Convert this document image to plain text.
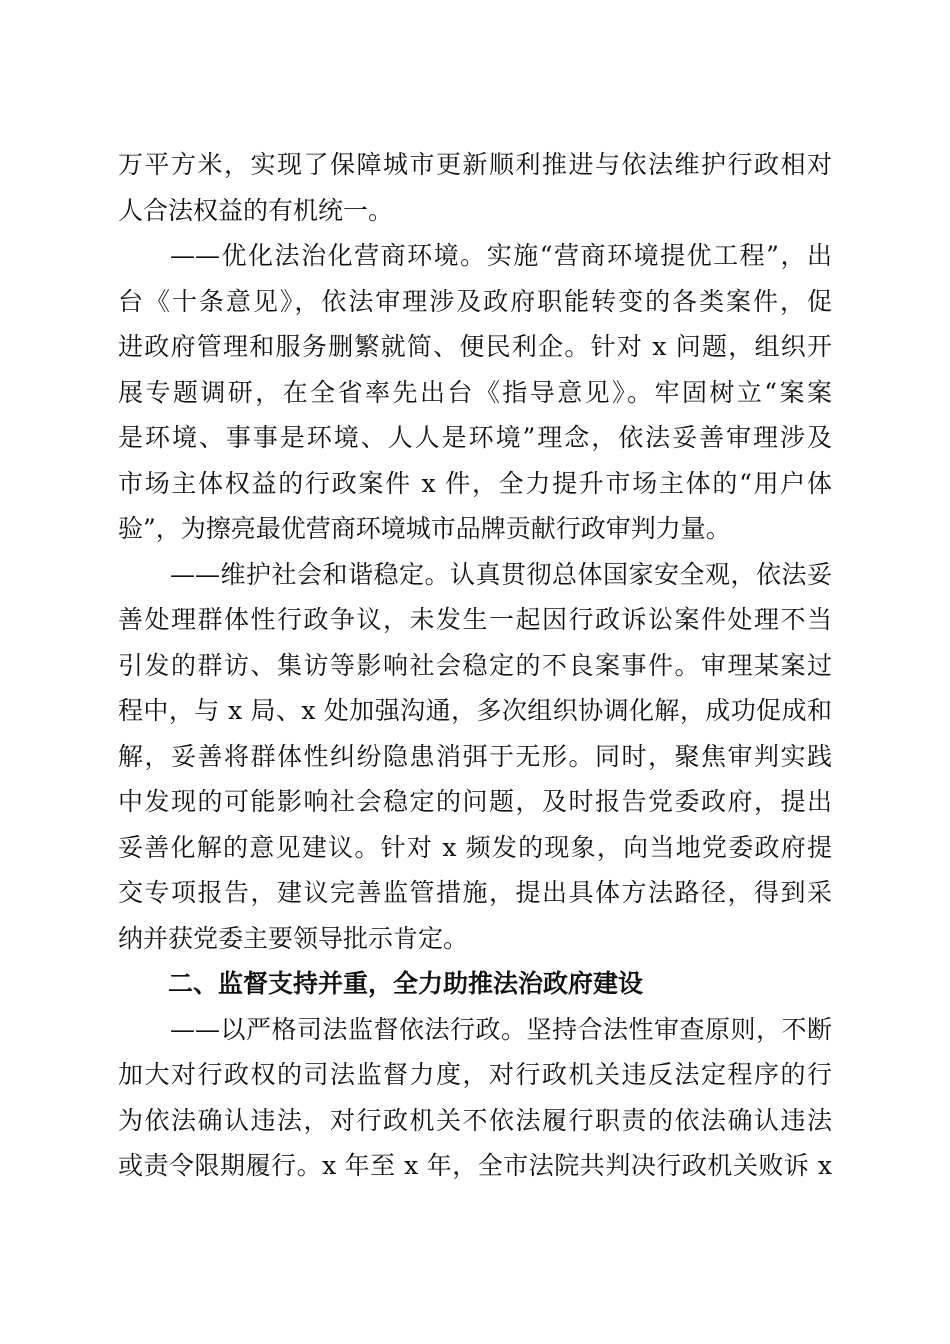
万平方米，实现了保障城市更新顺利推进与依法维护行政相对
人合法权益的有机统一。
——优化法治化营商环境。实施“营商环境提优工程”，出
台《十条意见》，依法审理涉及政府职能转变的各类案件，促
进政府管理和服务删繁就简、便民利企。针对 x 问题，组织开
展专题调研，在全省率先出台《指导意见》。牢固树立“案案
是环境、事事是环境、人人是环境”理念，依法妥善审理涉及
市场主体权益的行政案件 x 件，全力提升市场主体的“用户体
验”，为擦亮最优营商环境城市品牌贡献行政审判力量。
——维护社会和谐稳定。认真贯彻总体国家安全观，依法妥
善处理群体性行政争议，未发生一起因行政诉讼案件处理不当
引发的群访、集访等影响社会稳定的不良案事件。审理某案过
程中，与 x 局、x 处加强沟通，多次组织协调化解，成功促成和
解，妥善将群体性纠纷隐患消弭于无形。同时，聚焦审判实践
中发现的可能影响社会稳定的问题，及时报告党委政府，提出
妥善化解的意见建议。针对 x 频发的现象，向当地党委政府提
交专项报告，建议完善监管措施，提出具体方法路径，得到采
纳并获党委主要领导批示肯定。
二、监督支持并重，全力助推法治政府建设
——以严格司法监督依法行政。坚持合法性审查原则，不断
加大对行政权的司法监督力度，对行政机关违反法定程序的行
为依法确认违法，对行政机关不依法履行职责的依法确认违法
或责令限期履行。x 年至 x 年，全市法院共判决行政机关败诉 x
